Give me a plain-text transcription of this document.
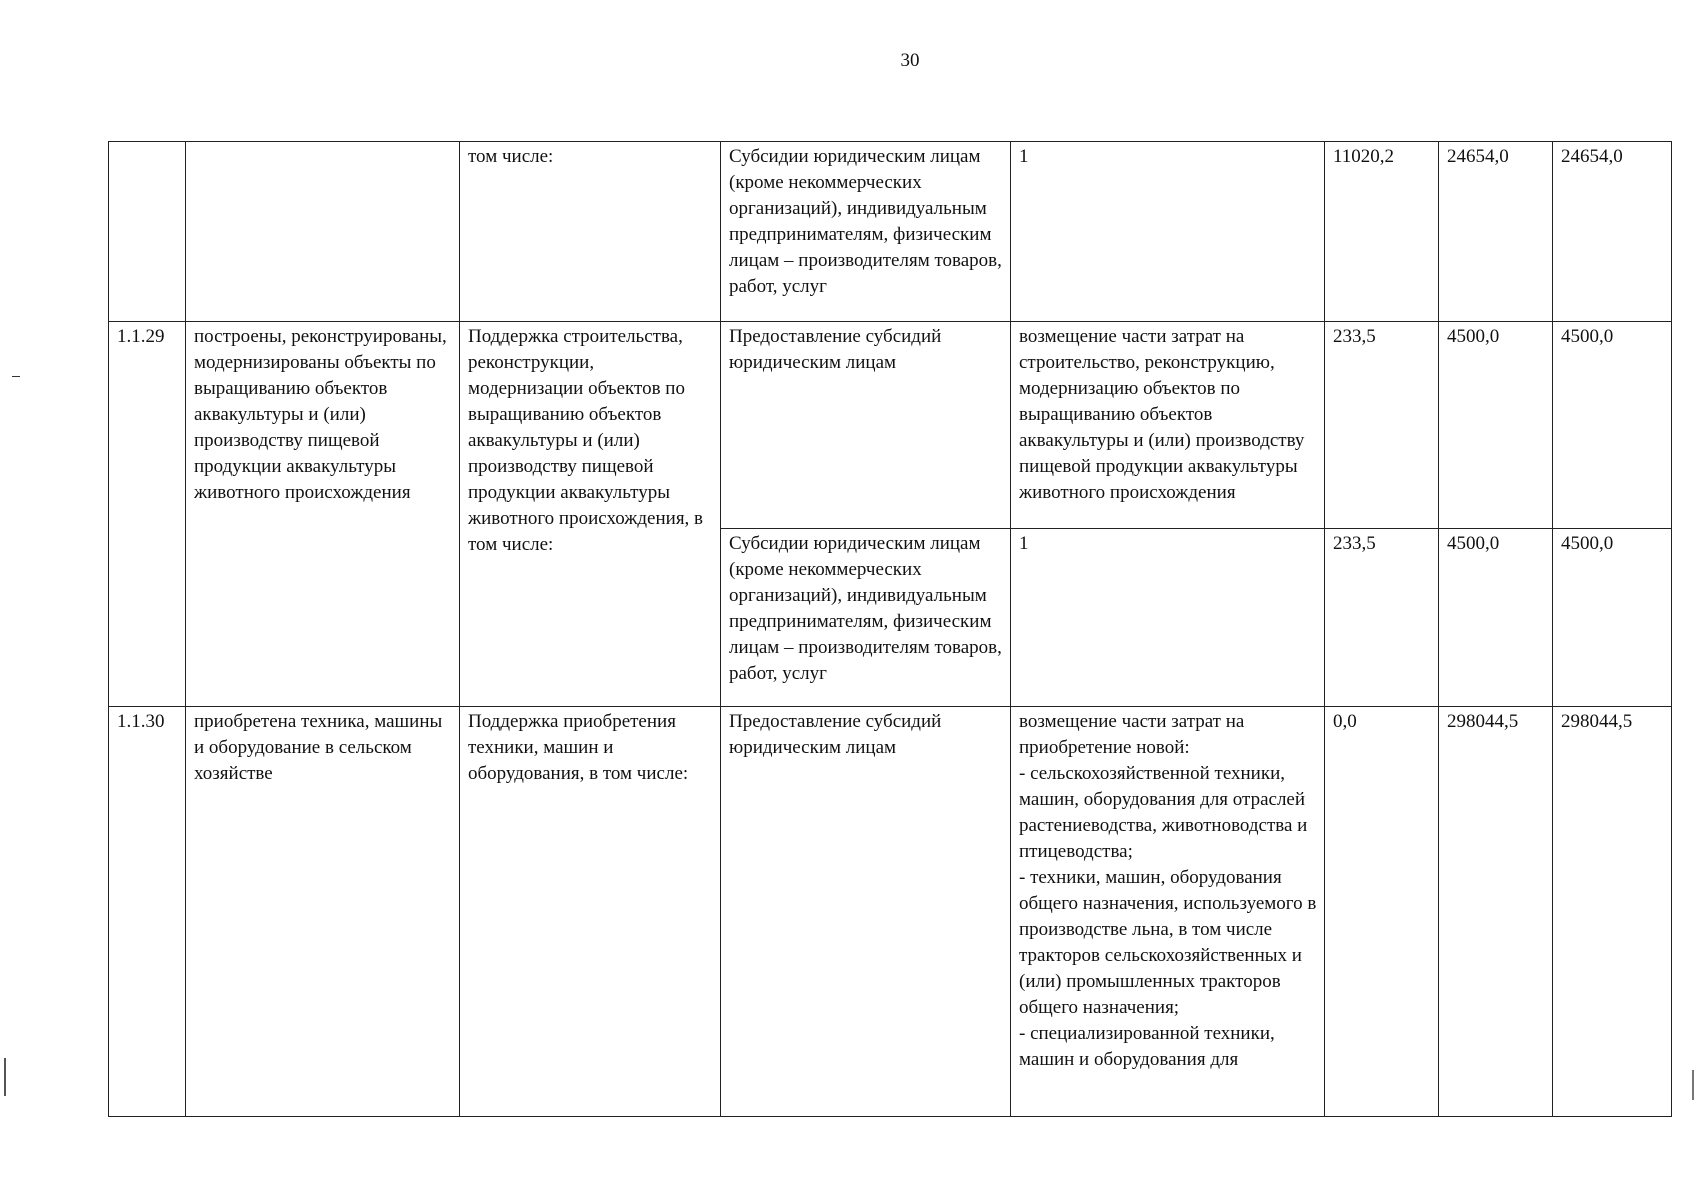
30
		том числе:	Субсидии юридическим лицам (кроме некоммерческих организаций), индивидуальным предпринимателям, физическим лицам – производителям товаров, работ, услуг	1	11020,2	24654,0	24654,0
1.1.29	построены, реконструированы, модернизированы объекты по выращиванию объектов аквакультуры и (или) производству пищевой продукции аквакультуры животного происхождения	Поддержка строительства, реконструкции, модернизации объектов по выращиванию объектов аквакультуры и (или) производству пищевой продукции аквакультуры животного происхождения, в том числе:	Предоставление субсидий юридическим лицам	возмещение части затрат на строительство, реконструкцию, модернизацию объектов по выращиванию объектов аквакультуры и (или) производству пищевой продукции аквакультуры животного происхождения	233,5	4500,0	4500,0
			Субсидии юридическим лицам (кроме некоммерческих организаций), индивидуальным предпринимателям, физическим лицам – производителям товаров, работ, услуг	1	233,5	4500,0	4500,0
1.1.30	приобретена техника, машины и оборудование в сельском хозяйстве	Поддержка приобретения техники, машин и оборудования, в том числе:	Предоставление субсидий юридическим лицам	возмещение части затрат на приобретение новой:
- сельскохозяйственной техники, машин, оборудования для отраслей растениеводства, животноводства и птицеводства;
- техники, машин, оборудования общего назначения, используемого в производстве льна, в том числе тракторов сельскохозяйственных и (или) промышленных тракторов общего назначения;
- специализированной техники, машин и оборудования для	0,0	298044,5	298044,5
